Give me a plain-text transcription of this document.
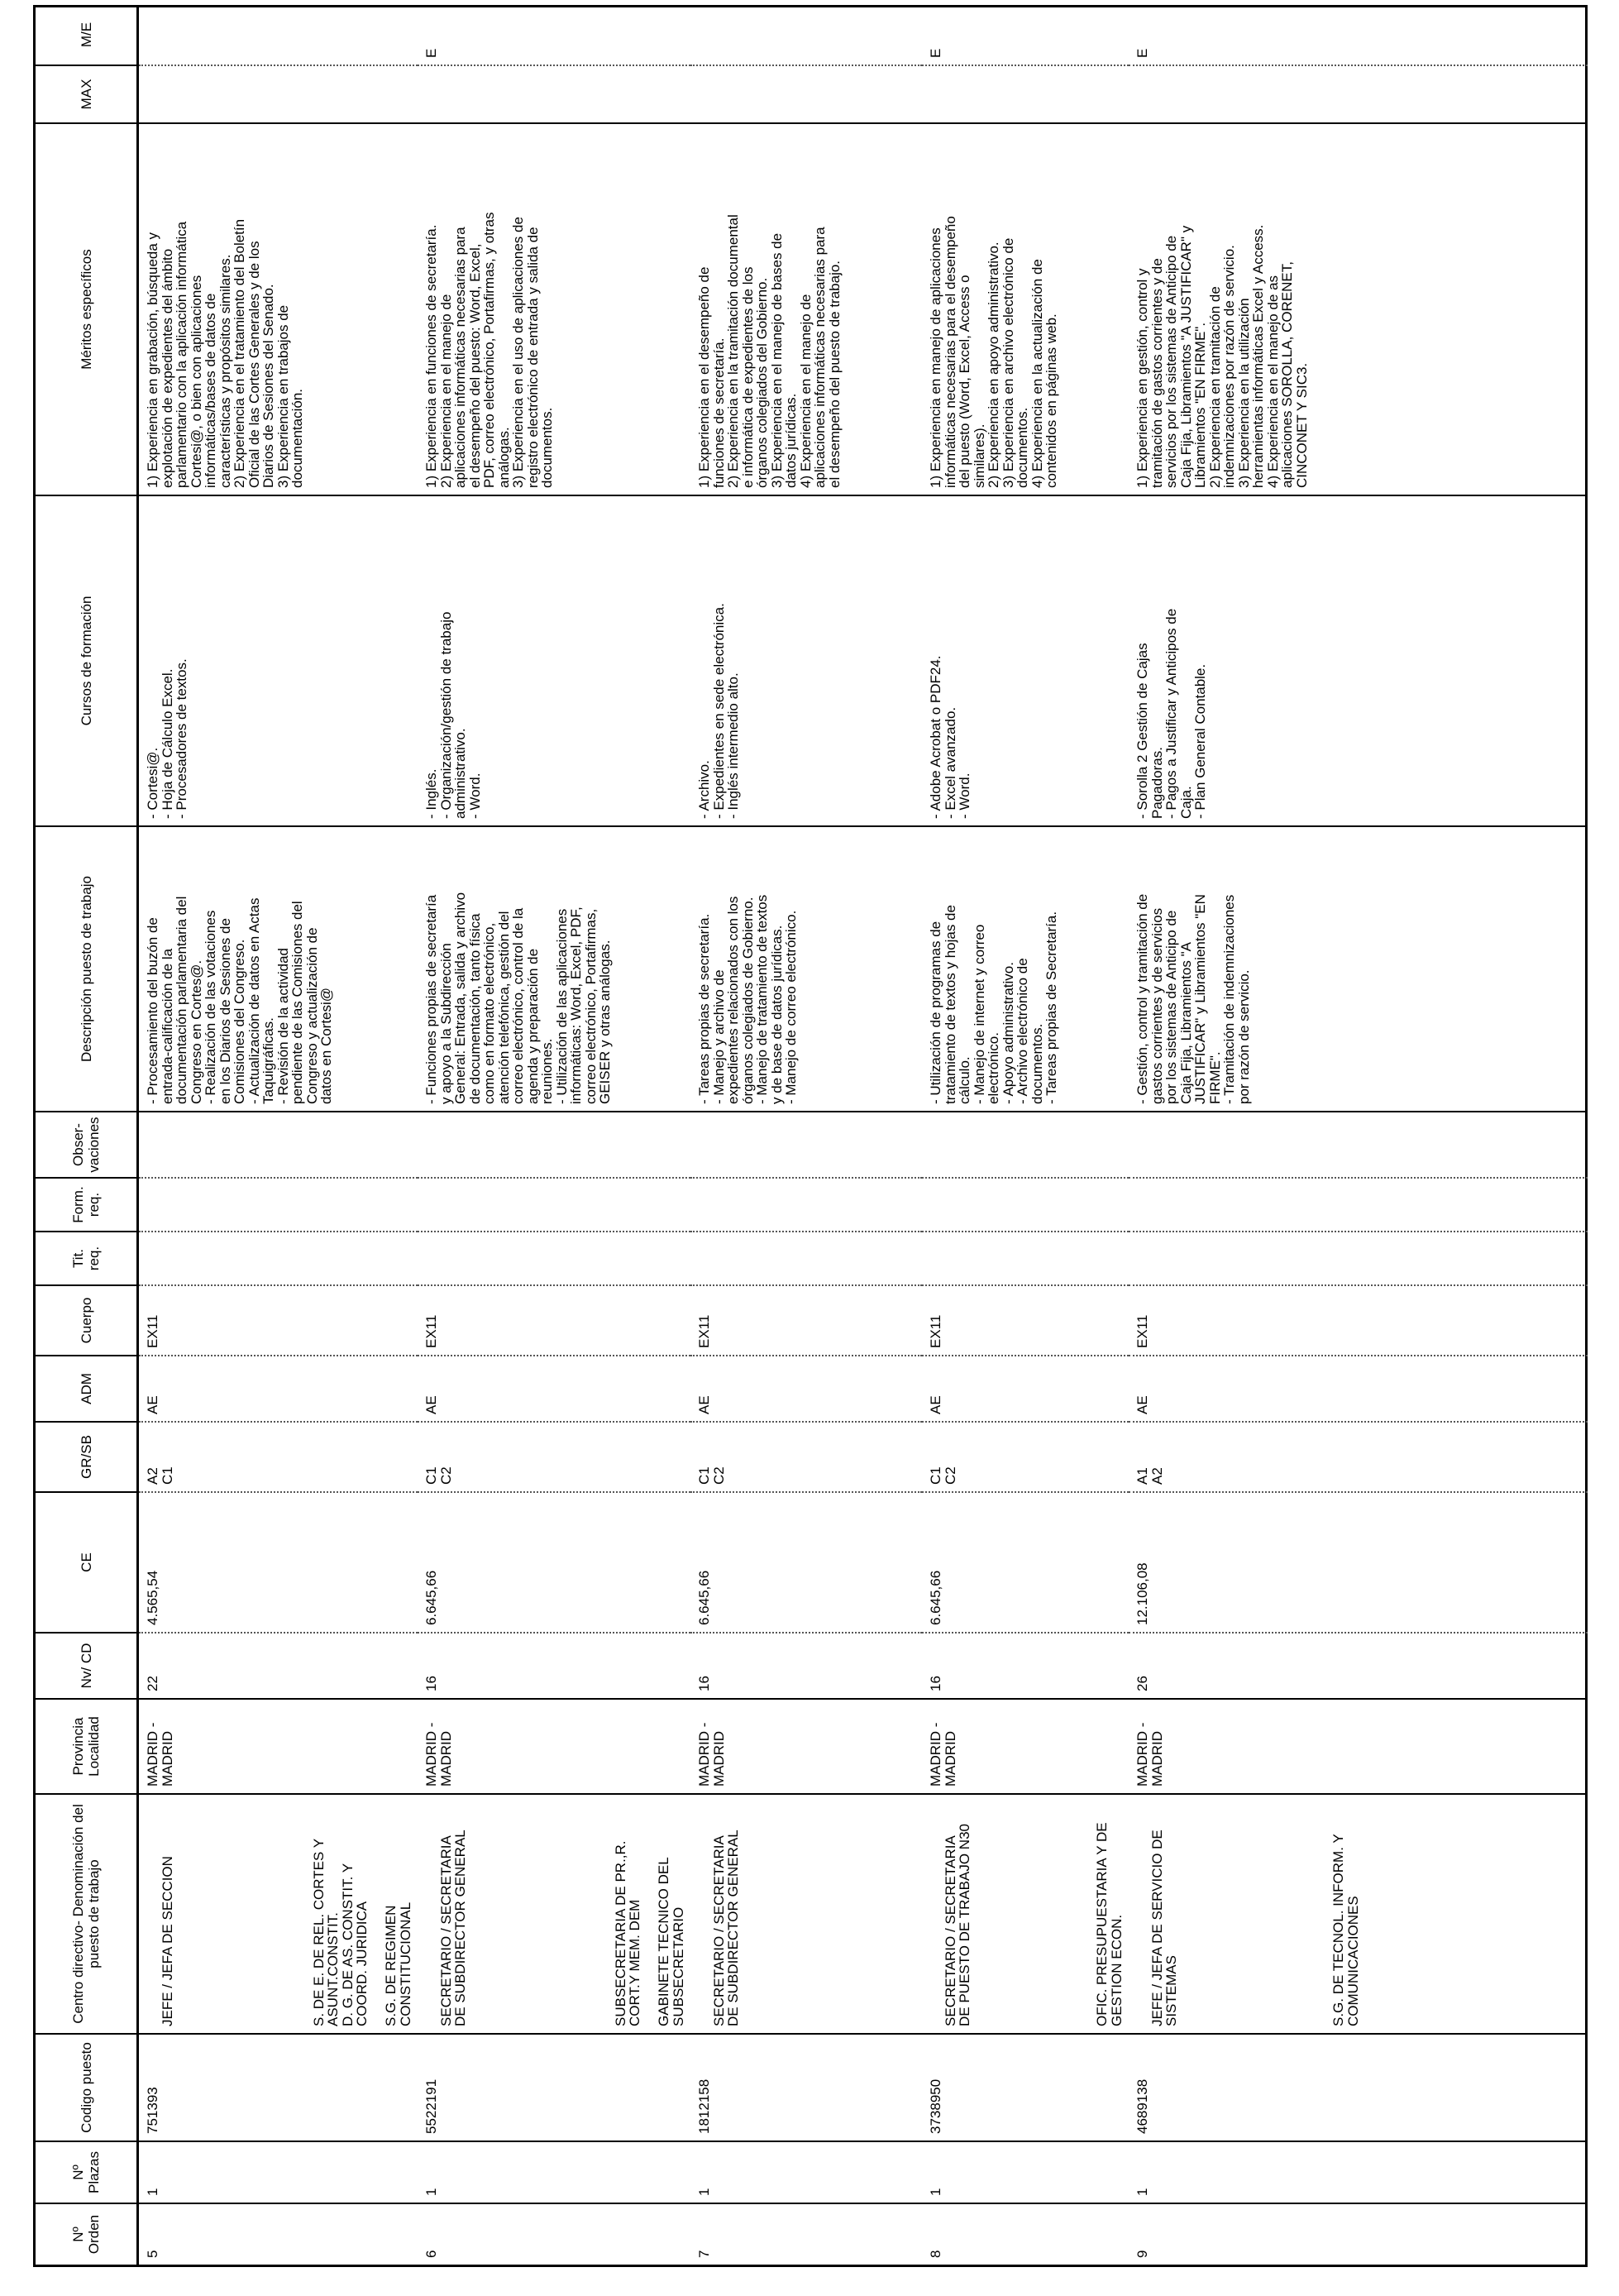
Nº Orden
Nº Plazas
Codigo puesto
Centro directivo- Denominación del puesto de trabajo
Provincia Localidad
Nv/ CD
CE
GR/SB
ADM
Cuerpo
Tit. req.
Form. req.
Obser- vaciones
Descripción puesto de trabajo
Cursos de formación
Méritos específicos
MAX
M/E
5
1
751393

JEFE / JEFA DE SECCION	S. DE E. DE REL. CORTES Y
ASUNT.CONSTIT.
D. G. DE AS. CONSTIT. Y
COORD. JURIDICA

S.G. DE REGIMEN
CONSTITUCIONAL

MADRID -
MADRID
22
4.565,54
A2
C1
AE
EX11
- Procesamiento del buzón de
entrada-calificación de la
documentación parlamentaria del
Congreso en Cortes@.
- Realización de las votaciones
en los Diarios de Sesiones de
Comisiones del Congreso.
- Actualización de datos en Actas
Taquigráficas.
- Revisión de la actividad
pendiente de las Comisiones del
Congreso y actualización de
datos en Cortesi@
- Cortesi@.
- Hoja de Cálculo Excel.
- Procesadores de textos.
1) Experiencia en grabación, búsqueda y
explotación de expedientes del ámbito
parlamentario con la aplicación informática
Cortesi@, o bien con aplicaciones
informáticas/bases de datos de
características y propósitos similares.
2) Experiencia en el tratamiento del Boletín
Oficial de las Cortes Generales y de los
Diarios de Sesiones del Senado.
3) Experiencia en trabajos de
documentación.
6
1
5522191

SECRETARIO / SECRETARIA
DE SUBDIRECTOR GENERAL

SUBSECRETARIA DE PR.,R.
CORT.Y MEM. DEM

GABINETE TECNICO DEL
SUBSECRETARIO

MADRID -
MADRID
16
6.645,66
C1
C2
AE
EX11
- Funciones propias de secretaría
y apoyo a la Subdirección
General: Entrada, salida y archivo
de documentación, tanto física
como en formato electrónico,
atención telefónica, gestión del
correo electrónico, control de la
agenda y preparación de
reuniones.
- Utilización de las aplicaciones
informáticas: Word, Excel, PDF,
correo electrónico, Portafirmas,
GEISER y otras análogas.
- Inglés.
- Organización/gestión de trabajo
administrativo.
- Word.
1) Experiencia en funciones de secretaría.
2) Experiencia en el manejo de
aplicaciones informáticas necesarias para
el desempeño del puesto: Word, Excel,
PDF, correo electrónico, Portafirmas, y otras
análogas.
3) Experiencia en el uso de aplicaciones de
registro electrónico de entrada y salida de
documentos.
E
7
1
1812158

SECRETARIO / SECRETARIA
DE SUBDIRECTOR GENERAL

MADRID -
MADRID
16
6.645,66
C1
C2
AE
EX11
- Tareas propias de secretaría.
- Manejo y archivo de
expedientes relacionados con los
órganos colegiados de Gobierno.
- Manejo de tratamiento de textos
y de base de datos jurídicas.
- Manejo de correo electrónico.
- Archivo.
- Expedientes en sede electrónica.
- Inglés intermedio alto.
1) Experiencia en el desempeño de
funciones de secretaría.
2) Experiencia en la tramitación documental
e informática de expedientes de los
órganos colegiados del Gobierno.
3) Experiencia en el manejo de bases de
datos jurídicas.
4) Experiencia en el manejo de
aplicaciones informáticas necesarias para
el desempeño del puesto de trabajo.
8
1
3738950

SECRETARIO / SECRETARIA
DE PUESTO DE TRABAJO N30

OFIC. PRESUPUESTARIA Y DE
GESTION ECON.

MADRID -
MADRID
16
6.645,66
C1
C2
AE
EX11
- Utilización de programas de
tratamiento de textos y hojas de
cálculo.
- Manejo de internet y correo
electrónico.
- Apoyo administrativo.
- Archivo electrónico de
documentos.
- Tareas propias de Secretaría.
- Adobe Acrobat o PDF24.
- Excel avanzado.
- Word.
1) Experiencia en manejo de aplicaciones
informáticas necesarias para el desempeño
del puesto (Word, Excel, Access o
similares).
2) Experiencia en apoyo administrativo.
3) Experiencia en archivo electrónico de
documentos.
4) Experiencia en la actualización de
contenidos en páginas web.
E
9
1
4689138

JEFE / JEFA DE SERVICIO DE
SISTEMAS	S.G. DE TECNOL. INFORM. Y
COMUNICACIONES

MADRID -
MADRID
26
12.106,08
A1
A2
AE
EX11
- Gestión, control y tramitación de
gastos corrientes y de servicios
por los sistemas de Anticipo de
Caja Fija, Libramientos "A
JUSTIFICAR" y Libramientos "EN
FIRME".
- Tramitación de indemnizaciones
por razón de servicio.
- Sorolla 2 Gestión de Cajas
Pagadoras.
- Pagos a Justificar y Anticipos de
Caja.
- Plan General Contable.
1) Experiencia en gestión, control y
tramitación de gastos corrientes y de
servicios por los sistemas de Anticipo de
Caja Fija, Libramientos "A JUSTIFICAR" y
Libramientos "EN FIRME".
2) Experiencia en tramitación de
indemnizaciones por razón de servicio.
3) Experiencia en la utilización
herramientas informáticas Excel y Access.
4) Experiencia en el manejo de as
aplicaciones SOROLLA, CORENET,
CINCONET Y SIC3.
E
